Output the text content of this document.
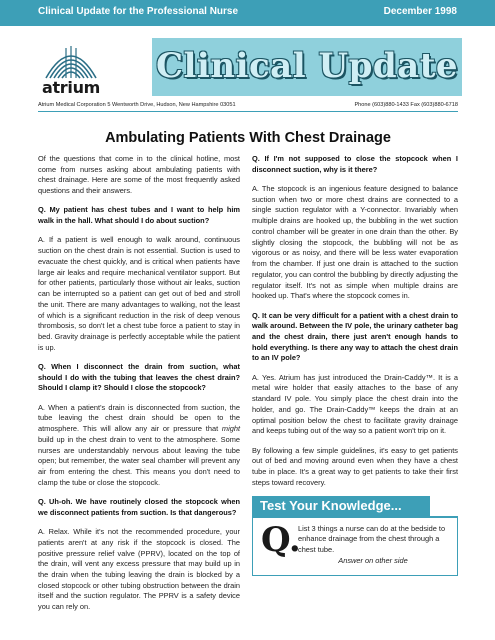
Clinical Update for the Professional Nurse	December 1998
atrium
Clinical Update
Atrium Medical Corporation 5 Wentworth Drive, Hudson, New Hampshire 03051	Phone (603)880-1433 Fax (603)880-6718
Ambulating Patients With Chest Drainage

Of the questions that come in to the clinical hotline, most come from nurses asking about ambulating patients with chest drainage. Here are some of the most frequently asked questions and their answers.

Q. My patient has chest tubes and I want to help him walk in the hall. What should I do about suction?

A. If a patient is well enough to walk around, continuous suction on the chest drain is not essential. Suction is used to evacuate the chest quickly, and is critical when patients have large air leaks and require mechanical ventilator support. But for other patients, particularly those without air leaks, suction can be interrupted so a patient can get out of bed and stroll the unit. There are many advantages to walking, not the least of which is a significant reduction in the risk of deep venous thrombosis, so don't let a chest tube force a patient to stay in bed. Gravity drainage is perfectly acceptable while the patient is up.

Q. When I disconnect the drain from suction, what should I do with the tubing that leaves the chest drain? Should I clamp it? Should I close the stopcock?

A. When a patient's drain is disconnected from suction, the tube leaving the chest drain should be open to the atmosphere. This will allow any air or pressure that might build up in the chest drain to vent to the atmosphere. Some nurses are understandably nervous about leaving the tube open; but remember, the water seal chamber will prevent any air from entering the chest. This means you don't need to clamp the tube or close the stopcock.

Q. Uh-oh. We have routinely closed the stopcock when we disconnect patients from suction. Is that dangerous?

A. Relax. While it's not the recommended procedure, your patients aren't at any risk if the stopcock is closed. The positive pressure relief valve (PPRV), located on the top of the drain, will vent any excess pressure that may build up in the drain when the tubing leaving the drain is blocked by a closed stopcock or other tubing obstruction between the drain itself and the suction regulator. The PPRV is a safety device you can rely on.

Q. If I'm not supposed to close the stopcock when I disconnect suction, why is it there?

A. The stopcock is an ingenious feature designed to balance suction when two or more chest drains are connected to a single suction regulator with a Y-connector. Invariably when multiple drains are hooked up, the bubbling in the wet suction control chamber will be greater in one drain than the other. By slightly closing the stopcock, the bubbling will not be as vigorous or as noisy, and there will be less water evaporation from the chamber. If just one drain is attached to the suction regulator, you can control the bubbling by directly adjusting the regulator itself. It's not as simple when multiple drains are hooked up. That's where the stopcock comes in.

Q. It can be very difficult for a patient with a chest drain to walk around. Between the IV pole, the urinary catheter bag and the chest drain, there just aren't enough hands to hold everything. Is there any way to attach the chest drain to an IV pole?

A. Yes. Atrium has just introduced the Drain-Caddy™. It is a metal wire holder that easily attaches to the base of any standard IV pole. You simply place the chest drain into the holder, and go. The Drain-Caddy™ keeps the drain at an optimal position below the chest to facilitate gravity drainage and keeps tubing out of the way so a patient won't trip on it.

By following a few simple guidelines, it's easy to get patients out of bed and moving around even when they have a chest tube in place. It's a great way to get patients to take their first steps toward recovery.

Test Your Knowledge...
Q.
List 3 things a nurse can do at the bedside to enhance drainage from the chest through a chest tube.
Answer on other side
